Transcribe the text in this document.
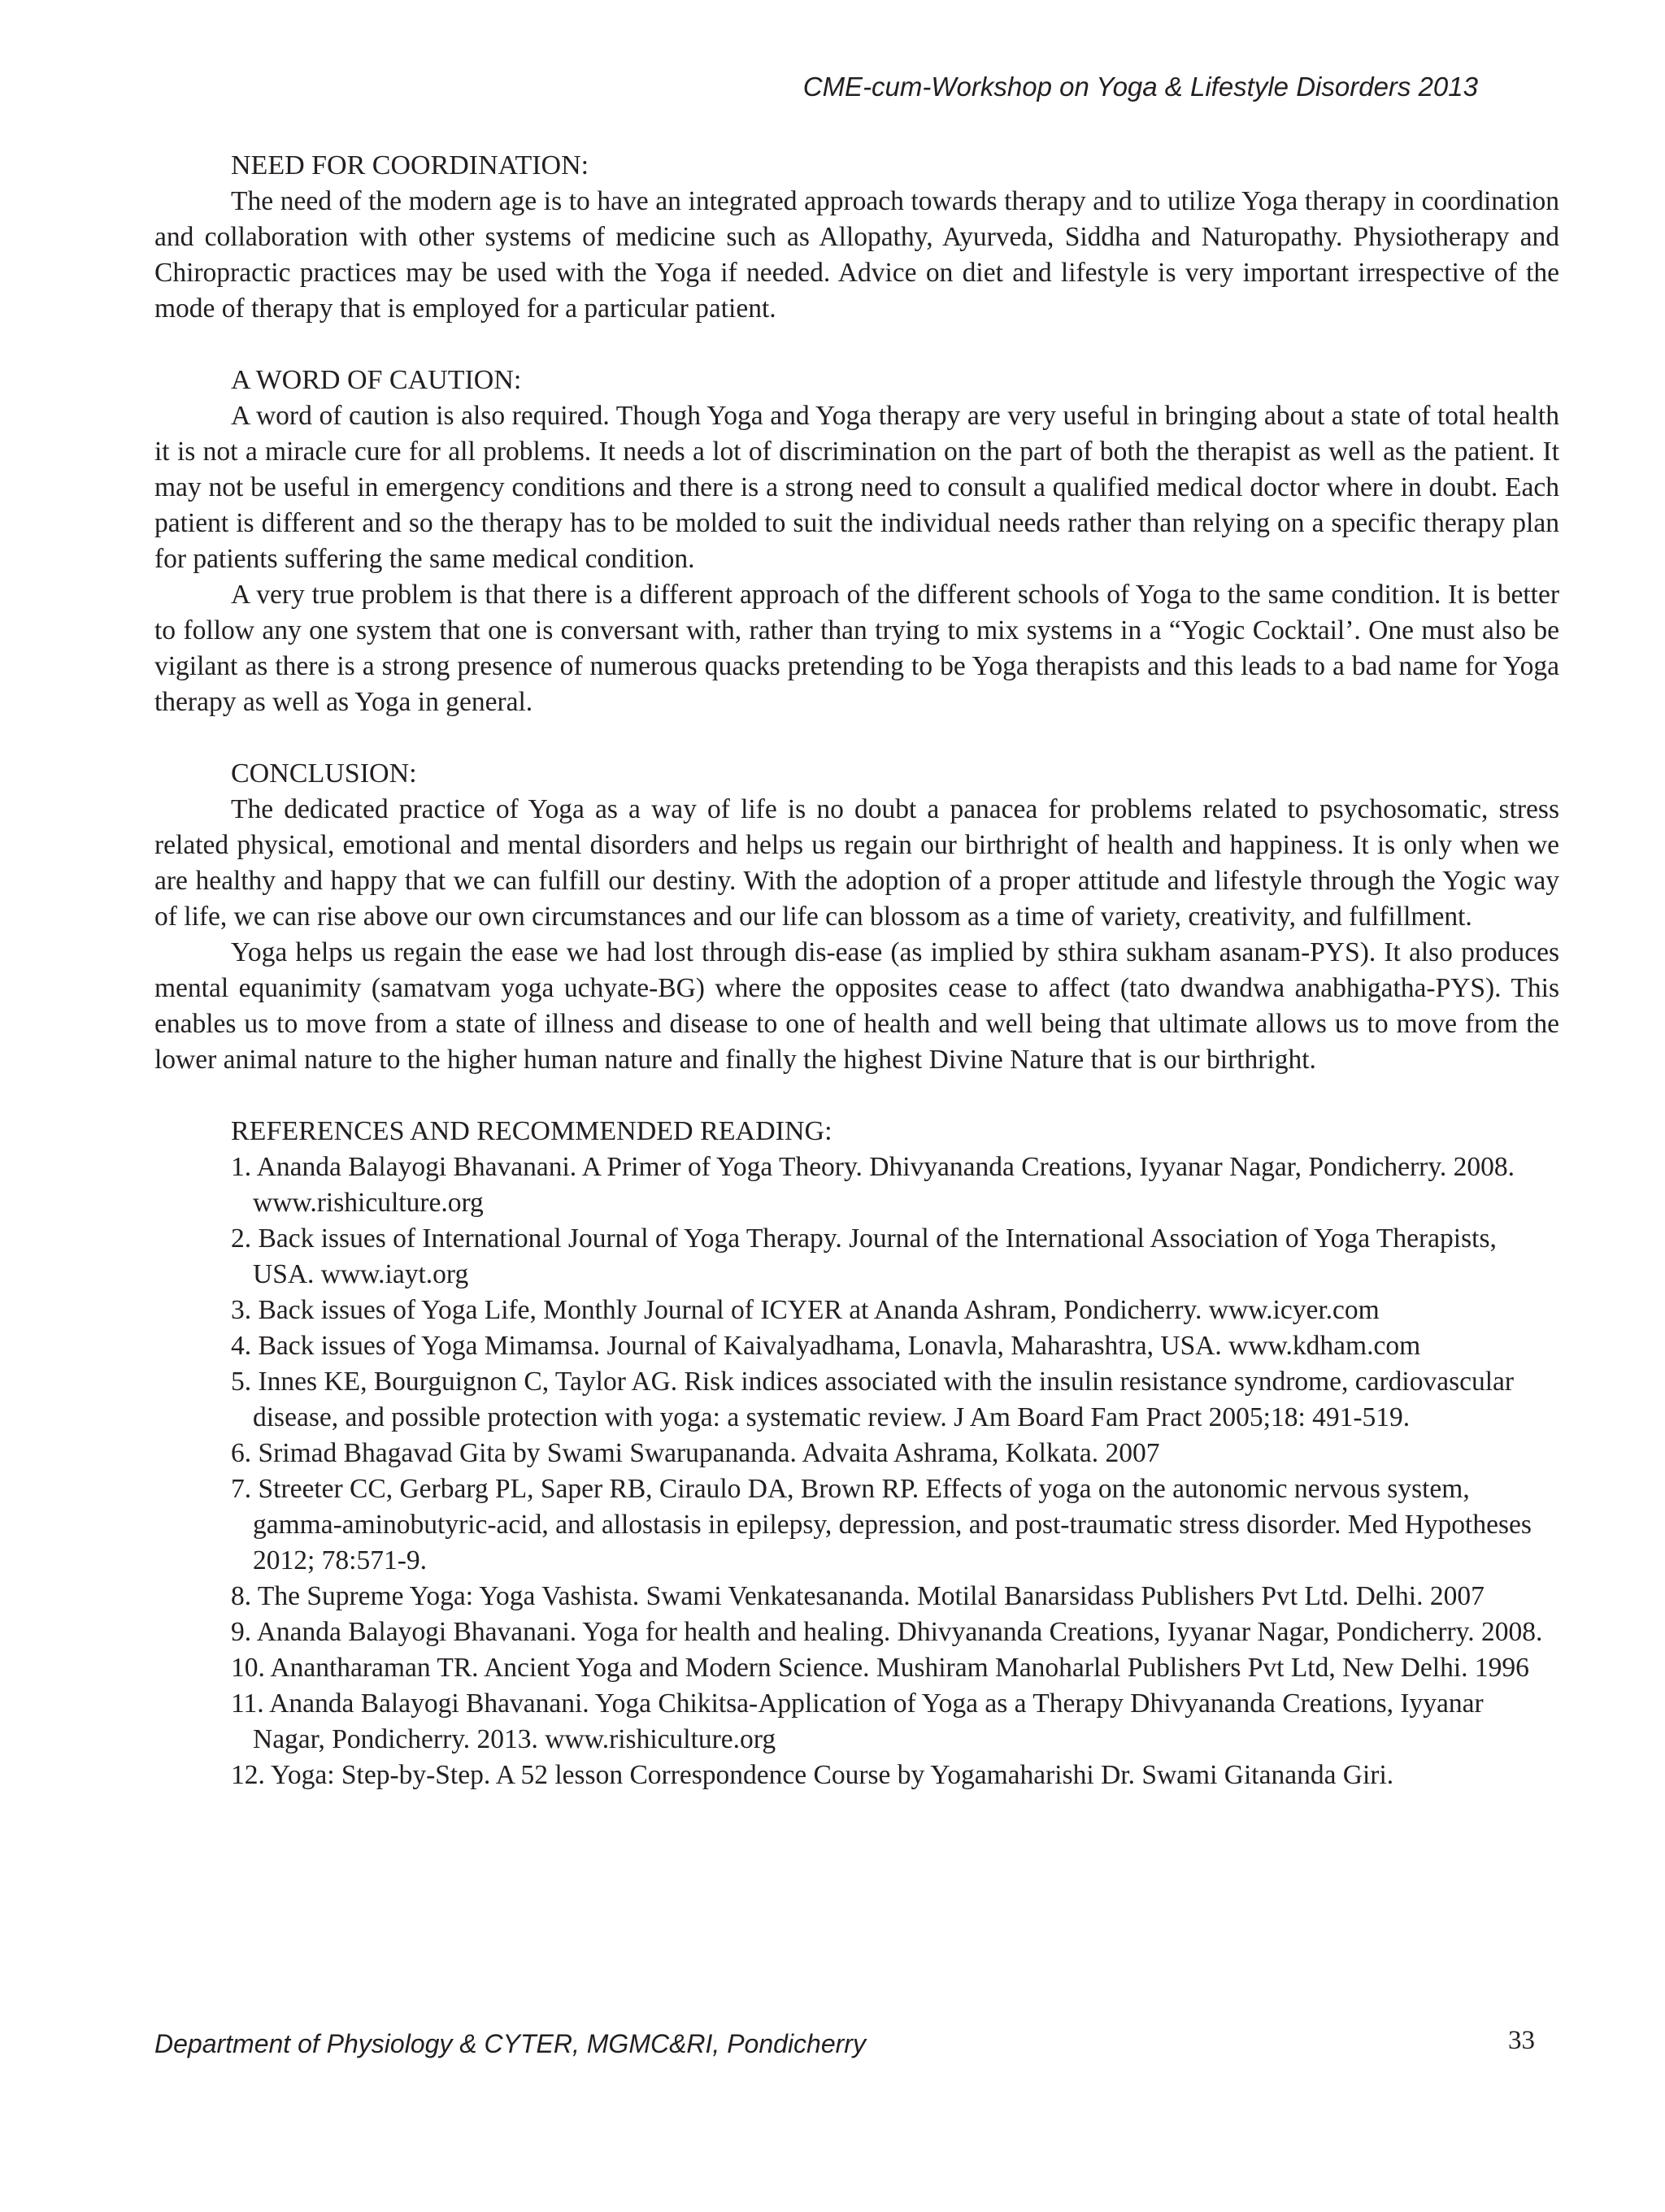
CME-cum-Workshop on Yoga & Lifestyle Disorders 2013
NEED FOR COORDINATION:

The need of the modern age is to have an integrated approach towards therapy and to utilize Yoga therapy in coordination and collaboration with other systems of medicine such as Allopathy, Ayurveda, Siddha and Naturopathy. Physiotherapy and Chiropractic practices may be used with the Yoga if needed. Advice on diet and lifestyle is very important irrespective of the mode of therapy that is employed for a particular patient.

A WORD OF CAUTION:

A word of caution is also required. Though Yoga and Yoga therapy are very useful in bringing about a state of total health it is not a miracle cure for all problems. It needs a lot of discrimination on the part of both the therapist as well as the patient. It may not be useful in emergency conditions and there is a strong need to consult a qualified medical doctor where in doubt. Each patient is different and so the therapy has to be molded to suit the individual needs rather than relying on a specific therapy plan for patients suffering the same medical condition.

A very true problem is that there is a different approach of the different schools of Yoga to the same condition. It is better to follow any one system that one is conversant with, rather than trying to mix systems in a “Yogic Cocktail’. One must also be vigilant as there is a strong presence of numerous quacks pretending to be Yoga therapists and this leads to a bad name for Yoga therapy as well as Yoga in general.

CONCLUSION:

The dedicated practice of Yoga as a way of life is no doubt a panacea for problems related to psychosomatic, stress related physical, emotional and mental disorders and helps us regain our birthright of health and happiness. It is only when we are healthy and happy that we can fulfill our destiny. With the adoption of a proper attitude and lifestyle through the Yogic way of life, we can rise above our own circumstances and our life can blossom as a time of variety, creativity, and fulfillment.

Yoga helps us regain the ease we had lost through dis-ease (as implied by sthira sukham asanam-PYS). It also produces mental equanimity (samatvam yoga uchyate-BG) where the opposites cease to affect (tato dwandwa anabhigatha-PYS). This enables us to move from a state of illness and disease to one of health and well being that ultimate allows us to move from the lower animal nature to the higher human nature and finally the highest Divine Nature that is our birthright.

REFERENCES AND RECOMMENDED READING:
1. Ananda Balayogi Bhavanani. A Primer of Yoga Theory. Dhivyananda Creations, Iyyanar Nagar, Pondicherry. 2008. www.rishiculture.org
2. Back issues of International Journal of Yoga Therapy. Journal of the International Association of Yoga Therapists, USA. www.iayt.org
3. Back issues of Yoga Life, Monthly Journal of ICYER at Ananda Ashram, Pondicherry. www.icyer.com
4. Back issues of Yoga Mimamsa. Journal of Kaivalyadhama, Lonavla, Maharashtra, USA. www.kdham.com
5. Innes KE, Bourguignon C, Taylor AG. Risk indices associated with the insulin resistance syndrome, cardiovascular disease, and possible protection with yoga: a systematic review. J Am Board Fam Pract 2005;18: 491-519.
6. Srimad Bhagavad Gita by Swami Swarupananda. Advaita Ashrama, Kolkata. 2007
7. Streeter CC, Gerbarg PL, Saper RB, Ciraulo DA, Brown RP. Effects of yoga on the autonomic nervous system, gamma-aminobutyric-acid, and allostasis in epilepsy, depression, and post-traumatic stress disorder. Med Hypotheses 2012; 78:571-9.
8. The Supreme Yoga: Yoga Vashista. Swami Venkatesananda. Motilal Banarsidass Publishers Pvt Ltd. Delhi. 2007
9. Ananda Balayogi Bhavanani. Yoga for health and healing. Dhivyananda Creations, Iyyanar Nagar, Pondicherry. 2008.
10. Anantharaman TR. Ancient Yoga and Modern Science. Mushiram Manoharlal Publishers Pvt Ltd, New Delhi. 1996
11. Ananda Balayogi Bhavanani. Yoga Chikitsa-Application of Yoga as a Therapy Dhivyananda Creations, Iyyanar Nagar, Pondicherry. 2013. www.rishiculture.org
12. Yoga: Step-by-Step. A 52 lesson Correspondence Course by Yogamaharishi Dr. Swami Gitananda Giri.
Department of Physiology & CYTER, MGMC&RI, Pondicherry	33
